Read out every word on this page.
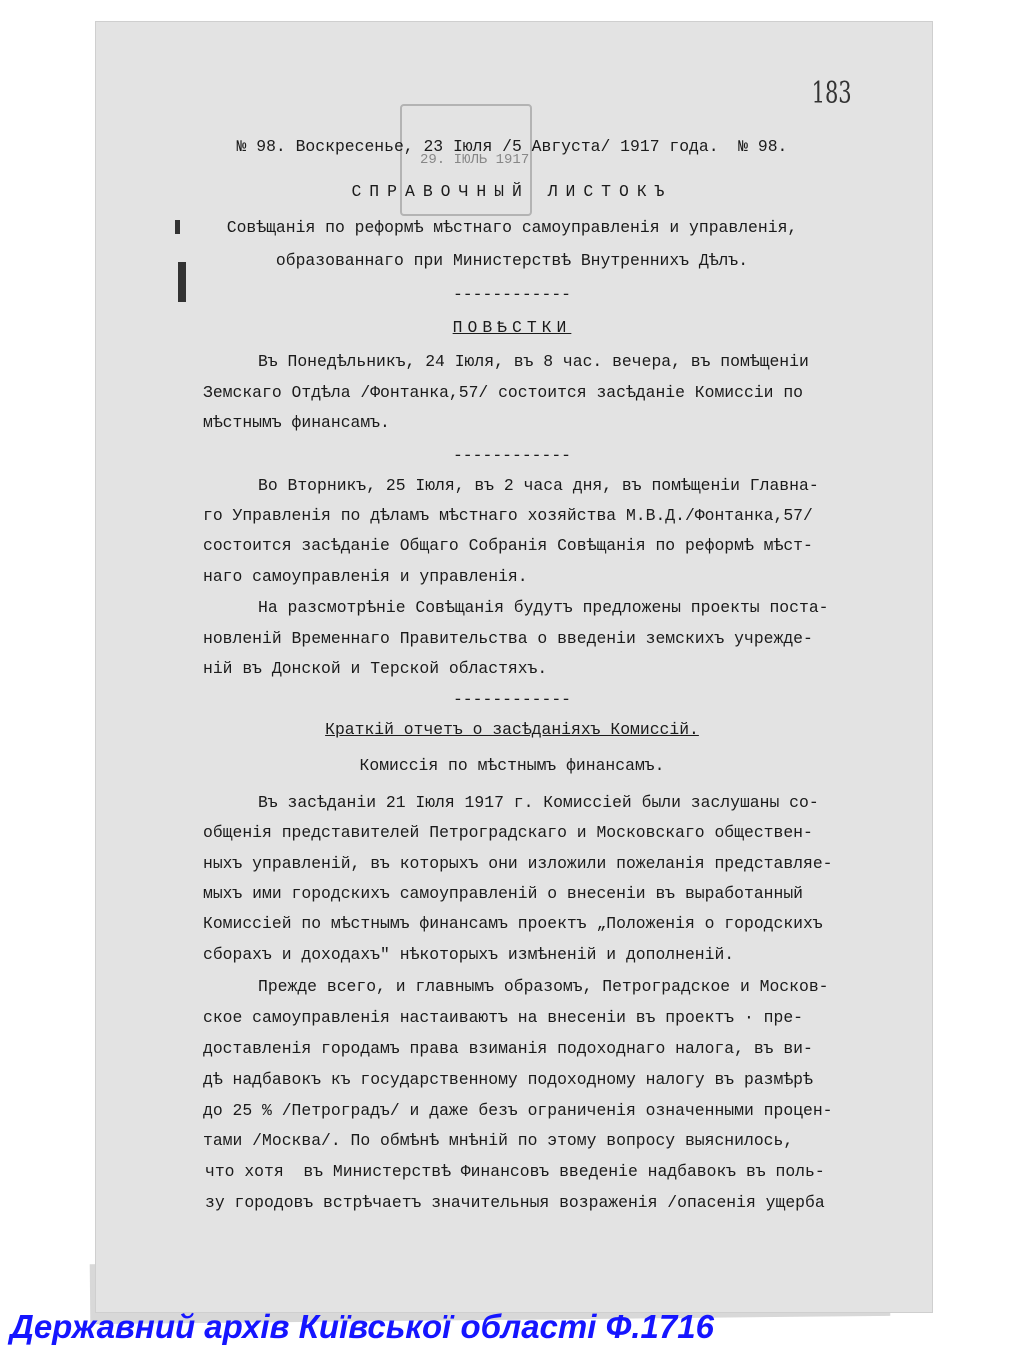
183
29. ІЮЛЬ 1917
№ 98. Воскресенье, 23 Іюля /5 Августа/ 1917 года.  № 98.
СПРАВОЧНЫЙ ЛИСТОКЪ
Совѣщанія по реформѣ мѣстнаго самоуправленія и управленія,
образованнаго при Министерствѣ Внутреннихъ Дѣлъ.
------------
ПОВѢСТКИ
Въ Понедѣльникъ, 24 Іюля, въ 8 час. вечера, въ помѣщеніи
Земскаго Отдѣла /Фонтанка,57/ состоится засѣданіе Комиссіи по
мѣстнымъ финансамъ.
------------
Во Вторникъ, 25 Іюля, въ 2 часа дня, въ помѣщеніи Главна-
го Управленія по дѣламъ мѣстнаго хозяйства М.В.Д./Фонтанка,57/
состоится засѣданіе Общаго Собранія Совѣщанія по реформѣ мѣст-
наго самоуправленія и управленія.
На разсмотрѣніе Совѣщанія будутъ предложены проекты поста-
новленій Временнаго Правительства о введеніи земскихъ учрежде-
ній въ Донской и Терской областяхъ.
------------
Краткій отчетъ о засѣданіяхъ Комиссій.
Комиссія по мѣстнымъ финансамъ.
Въ засѣданіи 21 Іюля 1917 г. Комиссіей были заслушаны со-
общенія представителей Петроградскаго и Московскаго обществен-
ныхъ управленій, въ которыхъ они изложили пожеланія представляе-
мыхъ ими городскихъ самоуправленій о внесеніи въ выработанный
Комиссіей по мѣстнымъ финансамъ проектъ „Положенія о городскихъ
сборахъ и доходахъ" нѣкоторыхъ измѣненій и дополненій.
Прежде всего, и главнымъ образомъ, Петроградское и Москов-
ское самоуправленія настаиваютъ на внесеніи въ проектъ · пре-
доставленія городамъ права взиманія подоходнаго налога, въ ви-
дѣ надбавокъ къ государственному подоходному налогу въ размѣрѣ
до 25 % /Петроградъ/ и даже безъ ограниченія означенными процен-
тами /Москва/. По обмѣнѣ мнѣній по этому вопросу выяснилось,
что хотя  въ Министерствѣ Финансовъ введеніе надбавокъ въ поль-
зу городовъ встрѣчаетъ значительныя возраженія /опасенія ущерба
Державний архів Київської області Ф.1716
